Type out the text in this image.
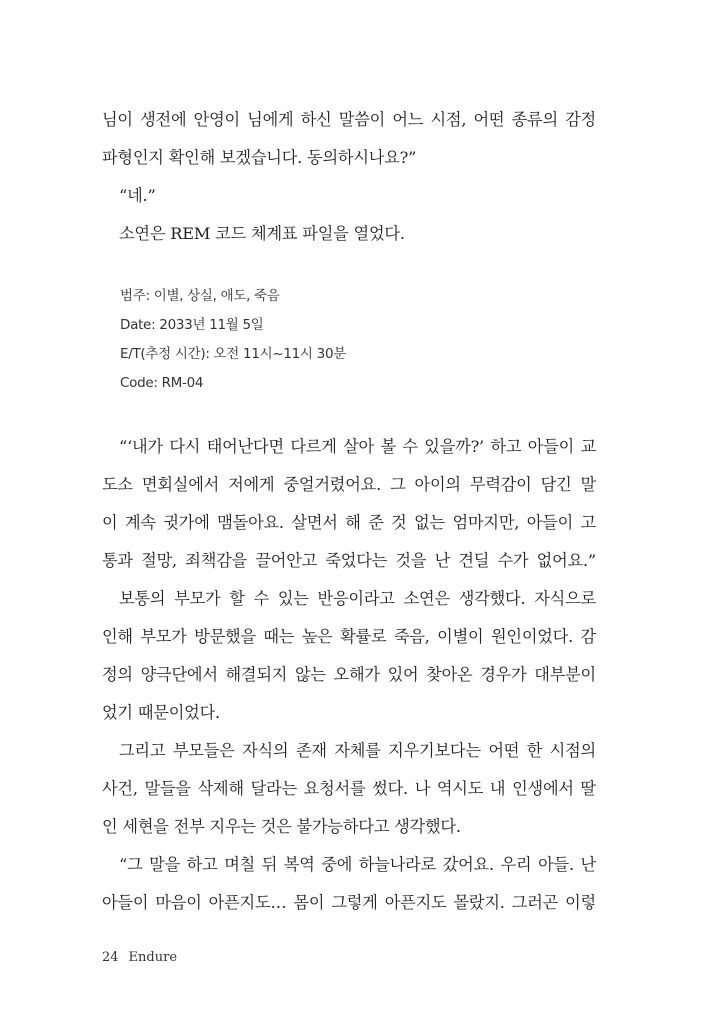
님이 생전에 안영이 님에게 하신 말씀이 어느 시점, 어떤 종류의 감정
파형인지 확인해 보겠습니다. 동의하시나요?”
“네.”
소연은 REM 코드 체계표 파일을 열었다.
범주: 이별, 상실, 애도, 죽음
Date: 2033년 11월 5일
E/T(추정 시간): 오전 11시~11시 30분
Code: RM-04
“‘내가 다시 태어난다면 다르게 살아 볼 수 있을까?’ 하고 아들이 교
도소 면회실에서 저에게 중얼거렸어요. 그 아이의 무력감이 담긴 말
이 계속 귓가에 맴돌아요. 살면서 해 준 것 없는 엄마지만, 아들이 고
통과 절망, 죄책감을 끌어안고 죽었다는 것을 난 견딜 수가 없어요.”
보통의 부모가 할 수 있는 반응이라고 소연은 생각했다. 자식으로
인해 부모가 방문했을 때는 높은 확률로 죽음, 이별이 원인이었다. 감
정의 양극단에서 해결되지 않는 오해가 있어 찾아온 경우가 대부분이
었기 때문이었다.
그리고 부모들은 자식의 존재 자체를 지우기보다는 어떤 한 시점의
사건, 말들을 삭제해 달라는 요청서를 썼다. 나 역시도 내 인생에서 딸
인 세현을 전부 지우는 것은 불가능하다고 생각했다.
“그 말을 하고 며칠 뒤 복역 중에 하늘나라로 갔어요. 우리 아들. 난
아들이 마음이 아픈지도… 몸이 그렇게 아픈지도 몰랐지. 그러곤 이렇
24 Endure
